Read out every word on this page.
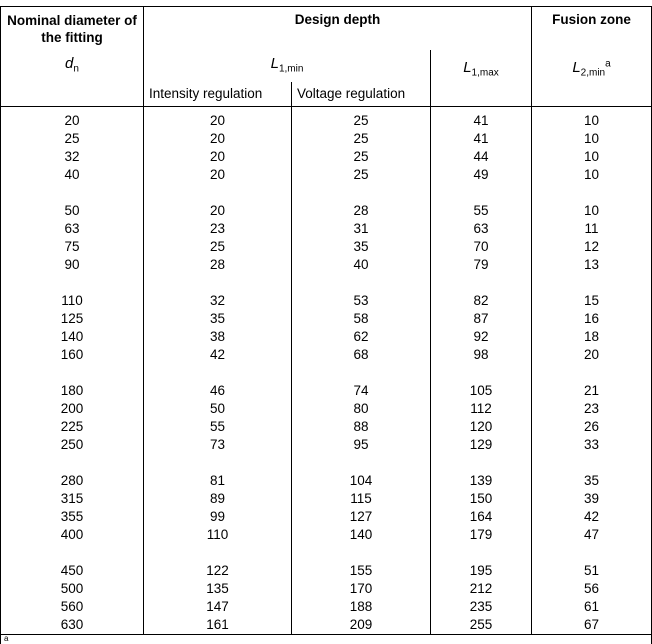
Nominal diameter of the fitting
$d_n$
Design depth
$L_{1,min}$
Intensity regulation	Voltage regulation
$L_{1,max}$
Fusion zone
$L_{2,min}^a$
20	20	25	41	10
25	20	25	41	10
32	20	25	44	10
40	20	25	49	10
50	20	28	55	10
63	23	31	63	11
75	25	35	70	12
90	28	40	79	13
110	32	53	82	15
125	35	58	87	16
140	38	62	92	18
160	42	68	98	20
180	46	74	105	21
200	50	80	112	23
225	55	88	120	26
250	73	95	129	33
280	81	104	139	35
315	89	115	150	39
355	99	127	164	42
400	110	140	179	47
450	122	155	195	51
500	135	170	212	56
560	147	188	235	61
630	161	209	255	67
a
